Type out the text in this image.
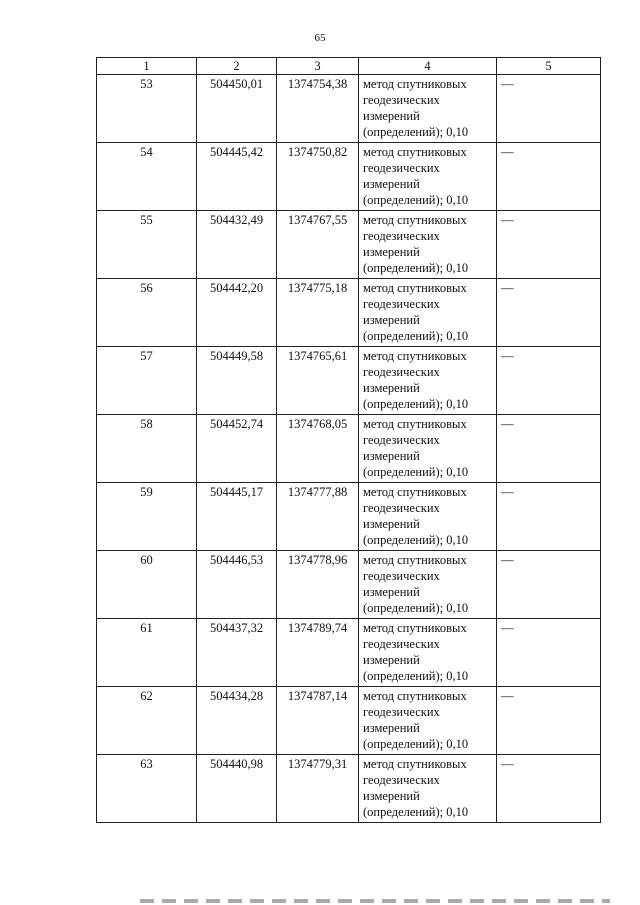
65
1	2	3	4	5
53	504450,01	1374754,38	метод спутниковых
геодезических
измерений
(определений); 0,10	—
54	504445,42	1374750,82	метод спутниковых
геодезических
измерений
(определений); 0,10	—
55	504432,49	1374767,55	метод спутниковых
геодезических
измерений
(определений); 0,10	—
56	504442,20	1374775,18	метод спутниковых
геодезических
измерений
(определений); 0,10	—
57	504449,58	1374765,61	метод спутниковых
геодезических
измерений
(определений); 0,10	—
58	504452,74	1374768,05	метод спутниковых
геодезических
измерений
(определений); 0,10	—
59	504445,17	1374777,88	метод спутниковых
геодезических
измерений
(определений); 0,10	—
60	504446,53	1374778,96	метод спутниковых
геодезических
измерений
(определений); 0,10	—
61	504437,32	1374789,74	метод спутниковых
геодезических
измерений
(определений); 0,10	—
62	504434,28	1374787,14	метод спутниковых
геодезических
измерений
(определений); 0,10	—
63	504440,98	1374779,31	метод спутниковых
геодезических
измерений
(определений); 0,10	—
